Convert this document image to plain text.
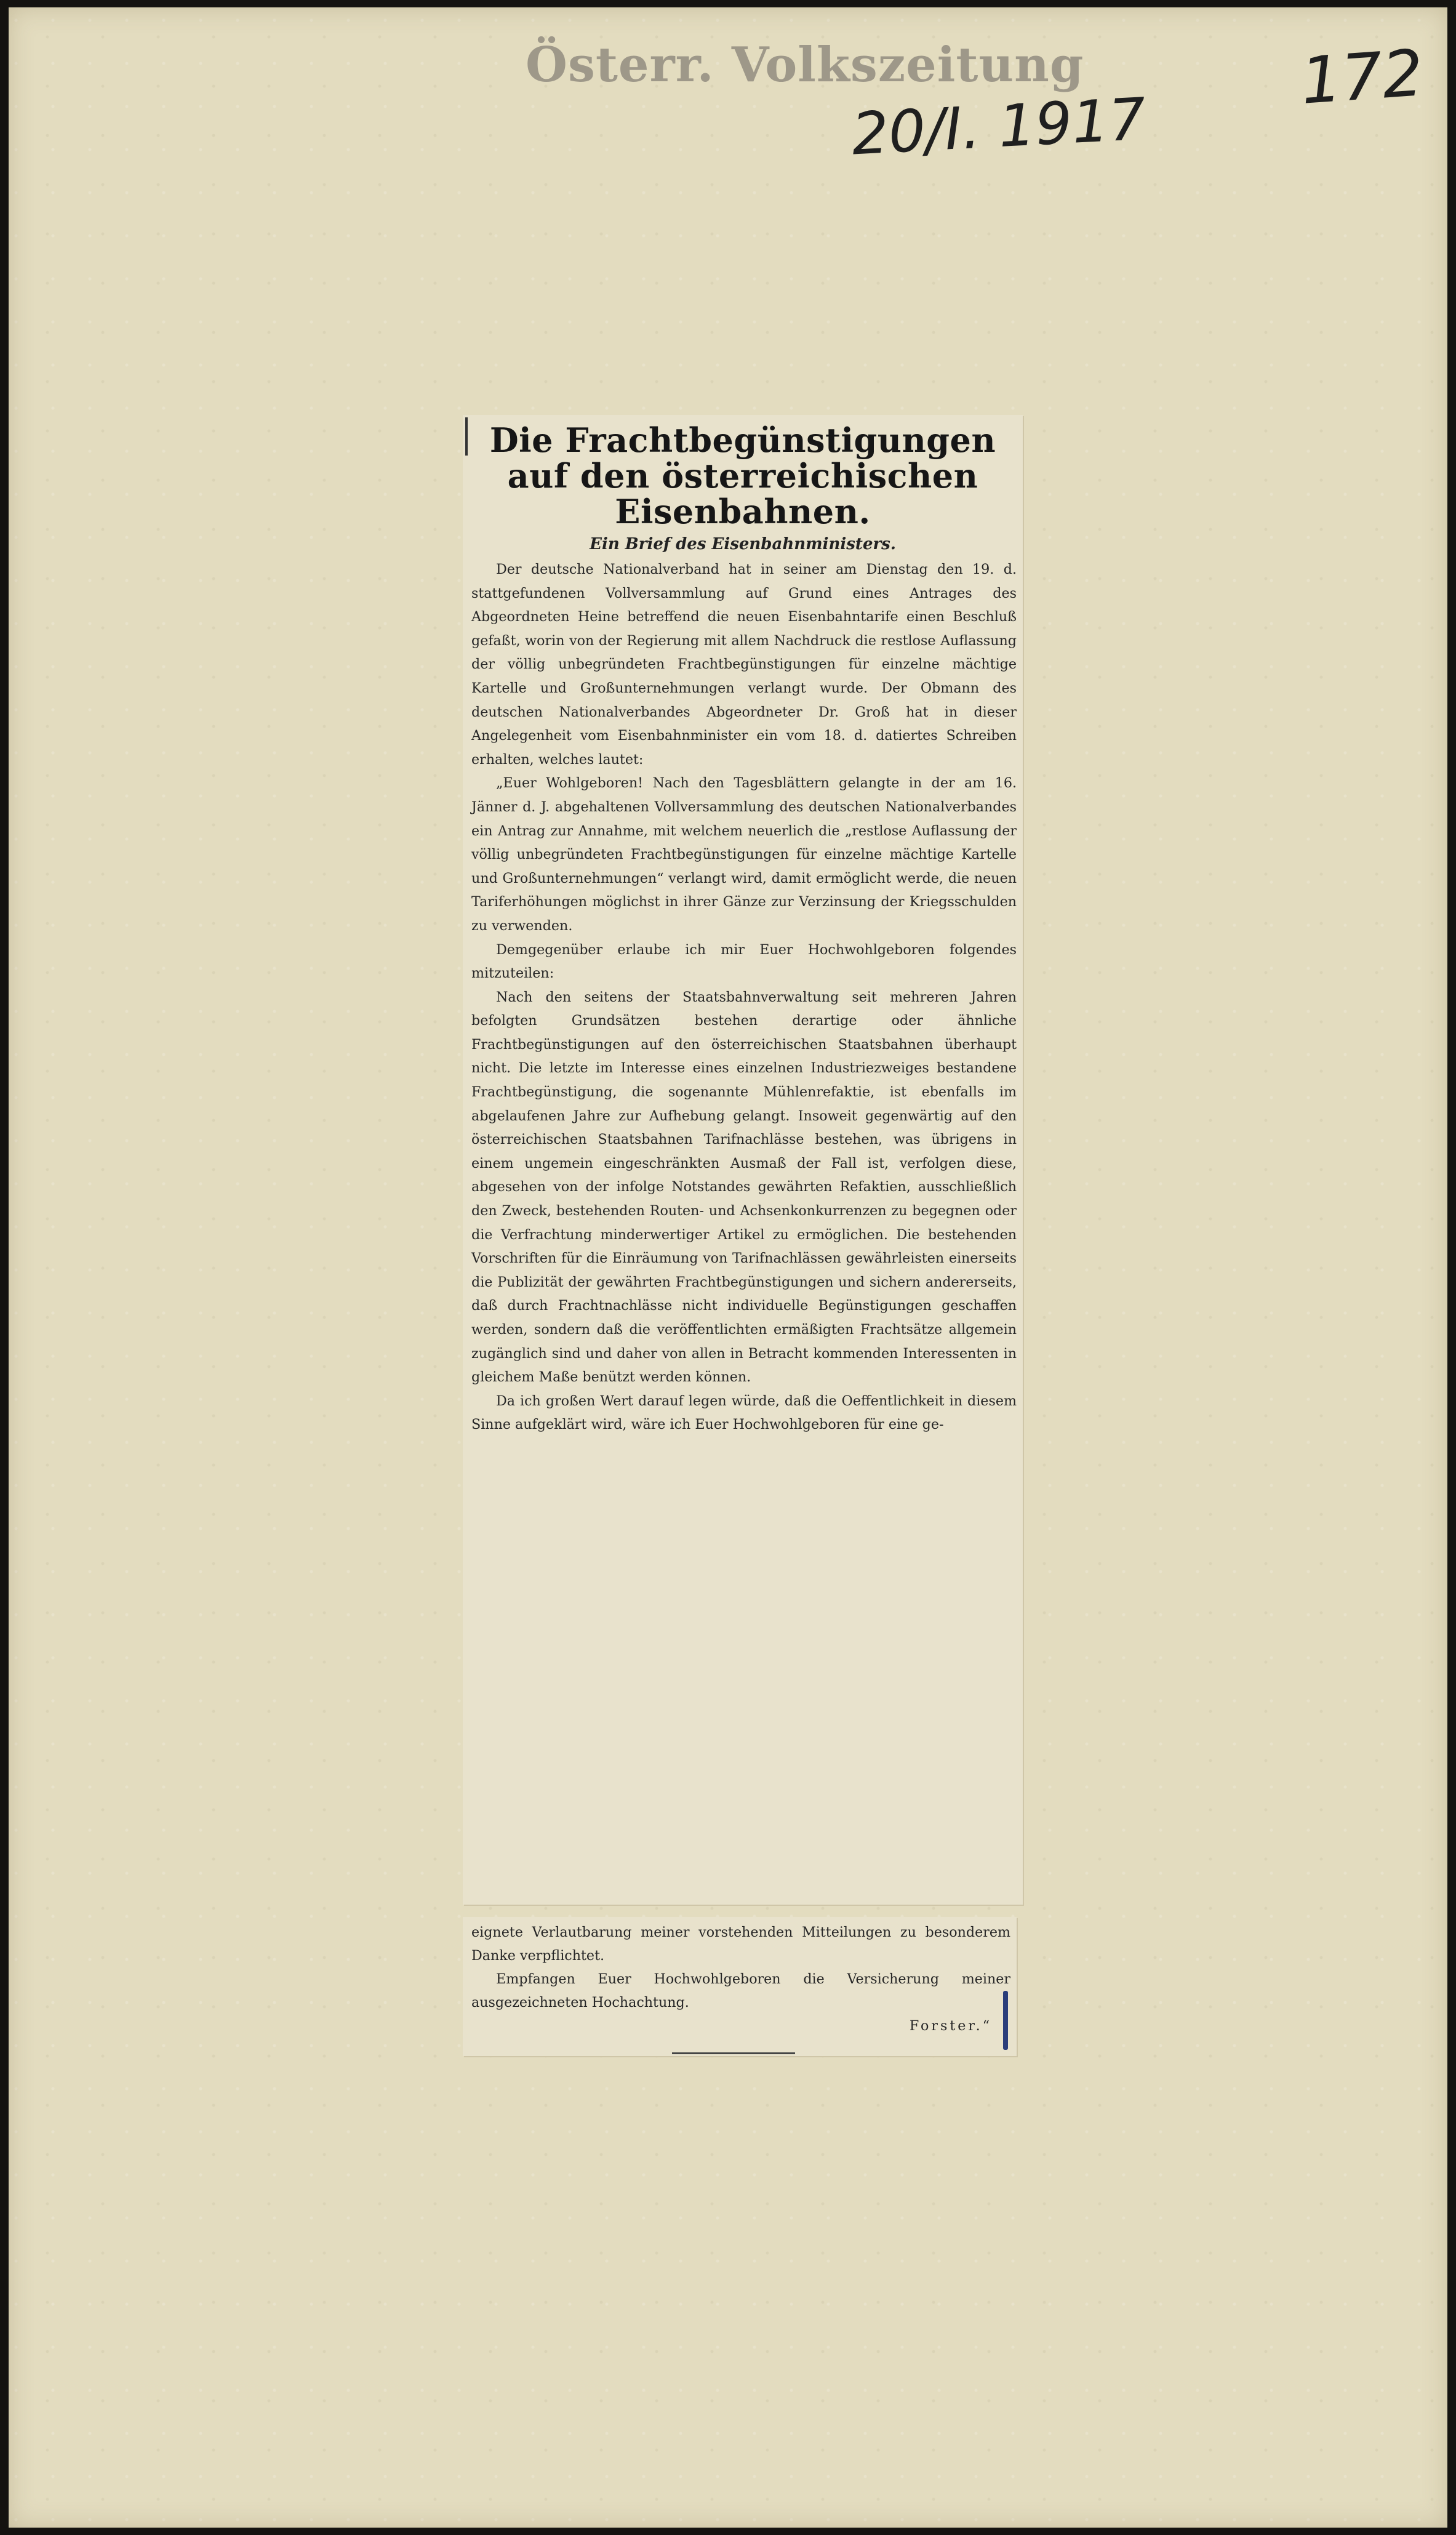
Österr. Volkszeitung	172
20/I. 1917
Die Frachtbegünstigungen auf den österreichischen Eisenbahnen.
Ein Brief des Eisenbahnministers.

Der deutsche Nationalverband hat in seiner am Dienstag den 19. d. stattgefundenen Vollversammlung auf Grund eines Antrages des Abgeordneten Heine betreffend die neuen Eisenbahntarife einen Beschluß gefaßt, worin von der Regierung mit allem Nachdruck die restlose Auflassung der völlig unbegründeten Frachtbegünstigungen für einzelne mächtige Kartelle und Großunternehmungen verlangt wurde. Der Obmann des deutschen Nationalverbandes Abgeordneter Dr. Groß hat in dieser Angelegenheit vom Eisenbahnminister ein vom 18. d. datiertes Schreiben erhalten, welches lautet:

„Euer Wohlgeboren! Nach den Tagesblättern gelangte in der am 16. Jänner d. J. abgehaltenen Vollversammlung des deutschen Nationalverbandes ein Antrag zur Annahme, mit welchem neuerlich die „restlose Auflassung der völlig unbegründeten Frachtbegünstigungen für einzelne mächtige Kartelle und Großunternehmungen“ verlangt wird, damit ermöglicht werde, die neuen Tariferhöhungen möglichst in ihrer Gänze zur Verzinsung der Kriegsschulden zu verwenden.

Demgegenüber erlaube ich mir Euer Hochwohlgeboren folgendes mitzuteilen:

Nach den seitens der Staatsbahnverwaltung seit mehreren Jahren befolgten Grundsätzen bestehen derartige oder ähnliche Frachtbegünstigungen auf den österreichischen Staatsbahnen überhaupt nicht. Die letzte im Interesse eines einzelnen Industriezweiges bestandene Frachtbegünstigung, die sogenannte Mühlenrefaktie, ist ebenfalls im abgelaufenen Jahre zur Aufhebung gelangt. Insoweit gegenwärtig auf den österreichischen Staatsbahnen Tarifnachlässe bestehen, was übrigens in einem ungemein eingeschränkten Ausmaß der Fall ist, verfolgen diese, abgesehen von der infolge Notstandes gewährten Refaktien, ausschließlich den Zweck, bestehenden Routen- und Achsenkonkurrenzen zu begegnen oder die Verfrachtung minderwertiger Artikel zu ermöglichen. Die bestehenden Vorschriften für die Einräumung von Tarifnachlässen gewährleisten einerseits die Publizität der gewährten Frachtbegünstigungen und sichern andererseits, daß durch Frachtnachlässe nicht individuelle Begünstigungen geschaffen werden, sondern daß die veröffentlichten ermäßigten Frachtsätze allgemein zugänglich sind und daher von allen in Betracht kommenden Interessenten in gleichem Maße benützt werden können.

Da ich großen Wert darauf legen würde, daß die Oeffentlichkeit in diesem Sinne aufgeklärt wird, wäre ich Euer Hochwohlgeboren für eine ge-

eignete Verlautbarung meiner vorstehenden Mitteilungen zu besonderem Danke verpflichtet.

Empfangen Euer Hochwohlgeboren die Versicherung meiner ausgezeichneten Hochachtung.

Forster.“
